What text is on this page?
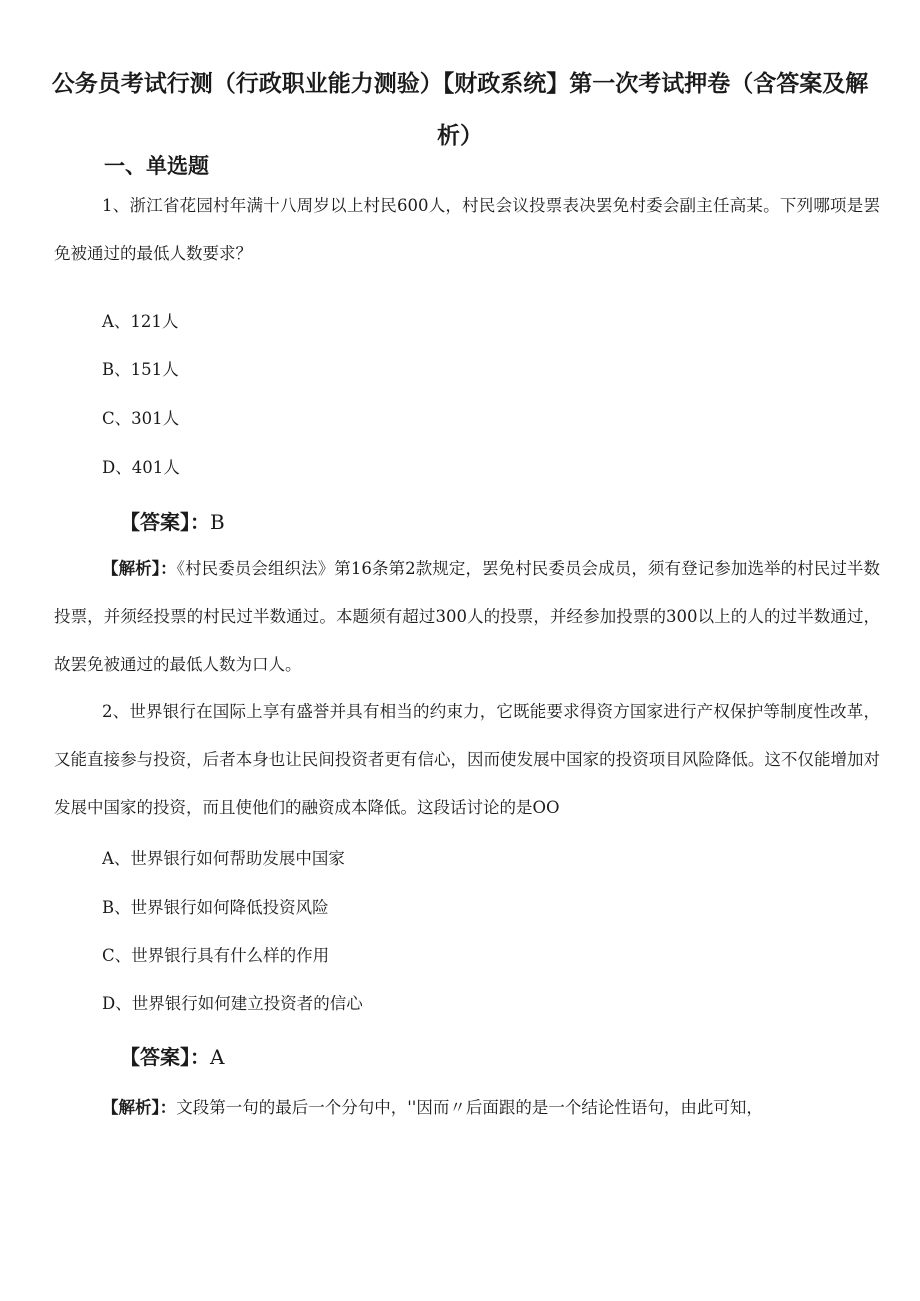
公务员考试行测（行政职业能力测验）【财政系统】第一次考试押卷（含答案及解析）
一、单选题

1、浙江省花园村年满十八周岁以上村民600人，村民会议投票表决罢免村委会副主任高某。下列哪项是罢免被通过的最低人数要求？

A、121人

B、151人

C、301人

D、401人

【答案】：B

【解析】：《村民委员会组织法》第16条第2款规定，罢免村民委员会成员，须有登记参加选举的村民过半数投票，并须经投票的村民过半数通过。本题须有超过300人的投票，并经参加投票的300以上的人的过半数通过，故罢免被通过的最低人数为口人。

2、世界银行在国际上享有盛誉并具有相当的约束力，它既能要求得资方国家进行产权保护等制度性改革，又能直接参与投资，后者本身也让民间投资者更有信心，因而使发展中国家的投资项目风险降低。这不仅能增加对发展中国家的投资，而且使他们的融资成本降低。这段话讨论的是OO

A、世界银行如何帮助发展中国家

B、世界银行如何降低投资风险

C、世界银行具有什么样的作用

D、世界银行如何建立投资者的信心

【答案】：A

【解析】：文段第一句的最后一个分句中，''因而〃后面跟的是一个结论性语句，由此可知，
